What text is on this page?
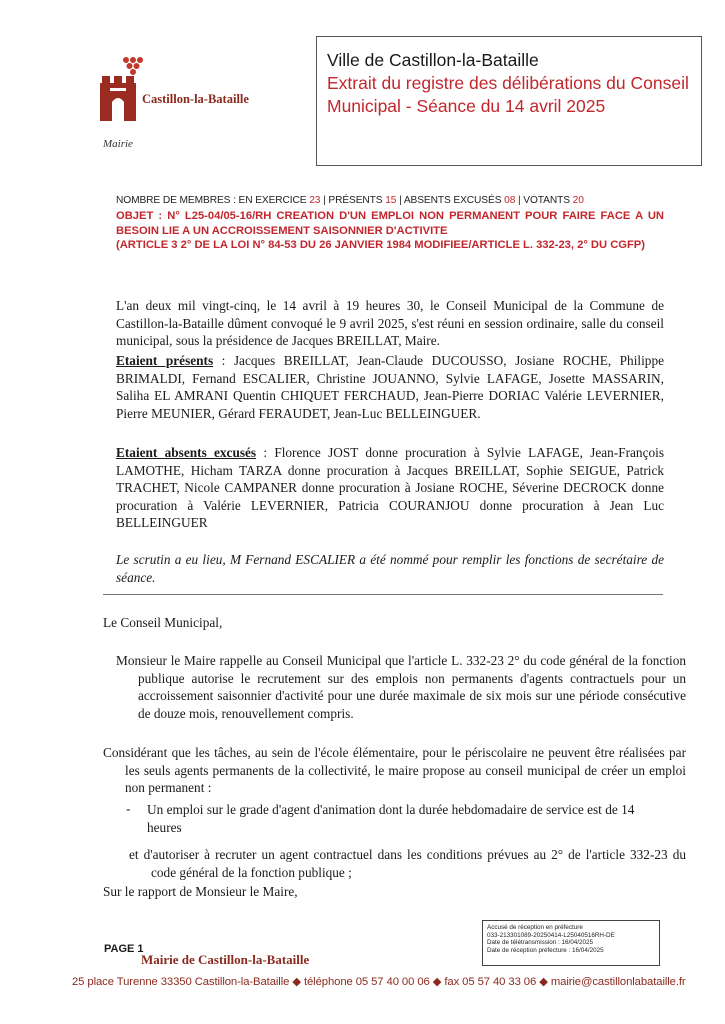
Castillon-la-Bataille
Mairie
Ville de Castillon-la-Bataille
Extrait du registre des délibérations du Conseil Municipal - Séance du 14 avril 2025
NOMBRE DE MEMBRES : EN EXERCICE 23 | PRÉSENTS 15 | ABSENTS EXCUSÉS 08 | VOTANTS 20
OBJET : N° L25-04/05-16/RH CREATION D'UN EMPLOI NON PERMANENT POUR FAIRE FACE A UN BESOIN LIE A UN ACCROISSEMENT SAISONNIER D'ACTIVITE
(ARTICLE 3 2° DE LA LOI N° 84-53 DU 26 JANVIER 1984 MODIFIEE/ARTICLE L. 332-23, 2° DU CGFP)
L'an deux mil vingt-cinq, le 14 avril à 19 heures 30, le Conseil Municipal de la Commune de Castillon-la-Bataille dûment convoqué le 9 avril 2025, s'est réuni en session ordinaire, salle du conseil municipal, sous la présidence de Jacques BREILLAT, Maire.
Etaient présents : Jacques BREILLAT, Jean-Claude DUCOUSSO, Josiane ROCHE, Philippe BRIMALDI, Fernand ESCALIER, Christine JOUANNO, Sylvie LAFAGE, Josette MASSARIN, Saliha EL AMRANI Quentin CHIQUET FERCHAUD, Jean-Pierre DORIAC Valérie LEVERNIER, Pierre MEUNIER, Gérard FERAUDET, Jean-Luc BELLEINGUER.
Etaient absents excusés : Florence JOST donne procuration à Sylvie LAFAGE, Jean-François LAMOTHE, Hicham TARZA donne procuration à Jacques BREILLAT, Sophie SEIGUE, Patrick TRACHET, Nicole CAMPANER donne procuration à Josiane ROCHE, Séverine DECROCK donne procuration à Valérie LEVERNIER, Patricia COURANJOU donne procuration à Jean Luc BELLEINGUER
Le scrutin a eu lieu, M Fernand ESCALIER a été nommé pour remplir les fonctions de secrétaire de séance.
Le Conseil Municipal,
Monsieur le Maire rappelle au Conseil Municipal que l'article L. 332-23 2° du code général de la fonction publique autorise le recrutement sur des emplois non permanents d'agents contractuels pour un accroissement saisonnier d'activité pour une durée maximale de six mois sur une période consécutive de douze mois, renouvellement compris.
Considérant que les tâches, au sein de l'école élémentaire, pour le périscolaire ne peuvent être réalisées par les seuls agents permanents de la collectivité, le maire propose au conseil municipal de créer un emploi non permanent :
- Un emploi sur le grade d'agent d'animation dont la durée hebdomadaire de service est de 14 heures
et d'autoriser à recruter un agent contractuel dans les conditions prévues au 2° de l'article 332-23 du code général de la fonction publique ;
Sur le rapport de Monsieur le Maire,
Accusé de réception en préfecture
033-213301089-20250414-L25040516RH-DE
Date de télétransmission : 16/04/2025
Date de réception préfecture : 16/04/2025
PAGE 1
Mairie de Castillon-la-Bataille
25 place Turenne 33350 Castillon-la-Bataille ◆ téléphone 05 57 40 00 06 ◆ fax 05 57 40 33 06 ◆ mairie@castillonlabataille.fr
